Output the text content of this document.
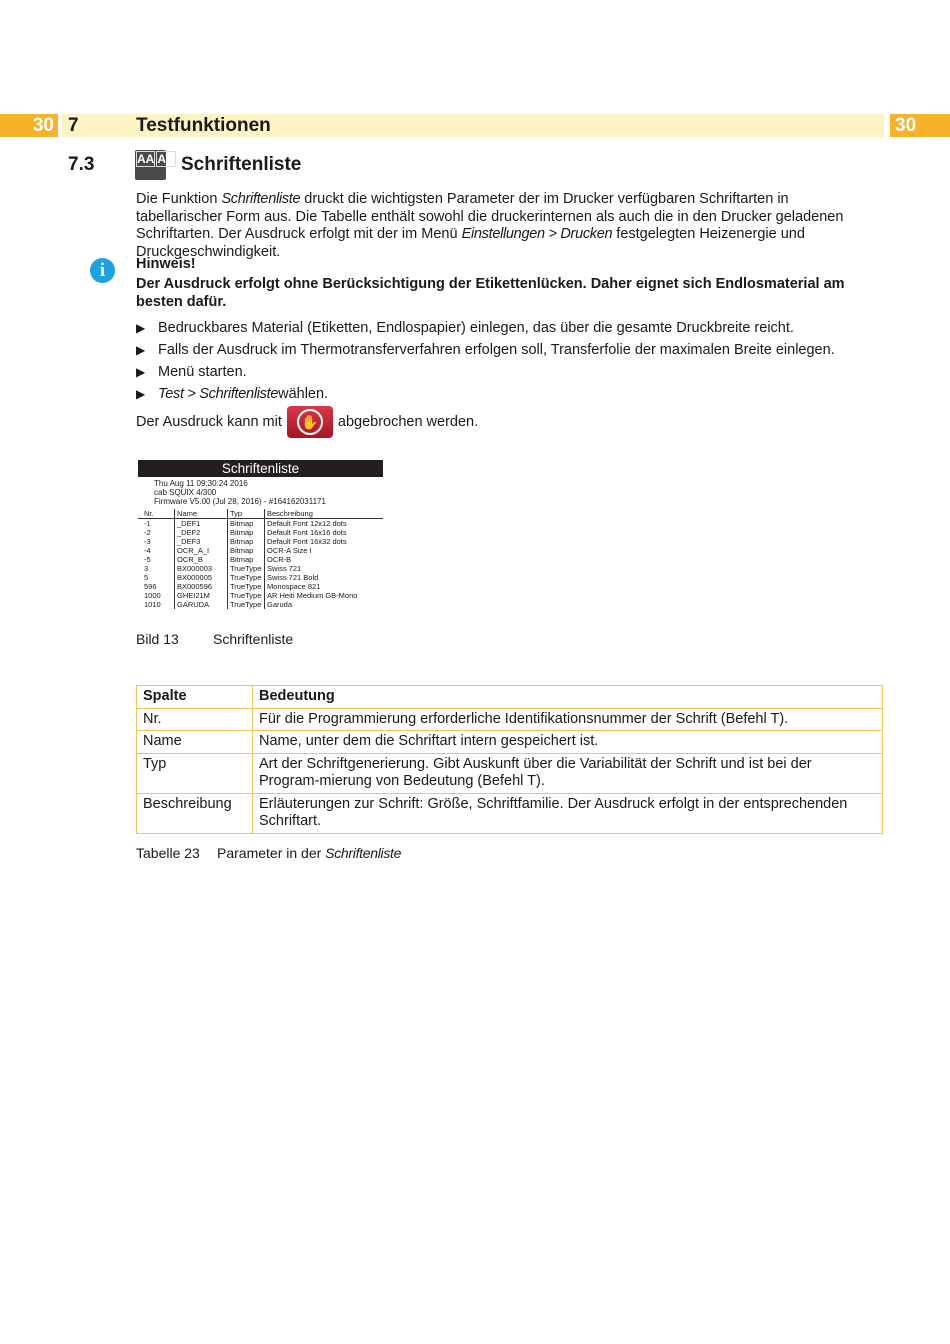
30	30
7	Testfunktionen
7.3	AA AA Schriftenliste
Die Funktion Schriftenliste druckt die wichtigsten Parameter der im Drucker verfügbaren Schriftarten in tabellarischer Form aus. Die Tabelle enthält sowohl die druckerinternen als auch die in den Drucker geladenen Schriftarten. Der Ausdruck erfolgt mit der im Menü Einstellungen > Drucken festgelegten Heizenergie und Druckgeschwindigkeit.
i	Hinweis!
Der Ausdruck erfolgt ohne Berücksichtigung der Etikettenlücken. Daher eignet sich Endlosmaterial am besten dafür.
▶ Bedruckbares Material (Etiketten, Endlospapier) einlegen, das über die gesamte Druckbreite reicht.
▶ Falls der Ausdruck im Thermotransferverfahren erfolgen soll, Transferfolie der maximalen Breite einlegen.
▶ Menü starten.
▶ Test > Schriftenliste wählen.
Der Ausdruck kann mit	✋ abgebrochen werden.
Schriftenliste
Thu Aug 11 09:30:24 2016
cab SQUIX 4/300
Firmware V5.00 (Jul 28, 2016) - #164162031171
Nr.	Name	Typ	Beschreibung
-1	_DEF1	Bitmap	Default Font 12x12 dots
-2	_DEF2	Bitmap	Default Font 16x16 dots
-3	_DEF3	Bitmap	Default Font 16x32 dots
-4	OCR_A_I	Bitmap	OCR-A Size I
-5	OCR_B	Bitmap	OCR-B
3	BX000003	TrueType	Swiss 721
5	BX000005	TrueType	Swiss 721 Bold
596	BX000596	TrueType	Monospace 821
1000	GHEI21M	TrueType	AR Heiti Medium GB-Mono
1010	GARUDA	TrueType	Garuda
Bild 13 Schriftenliste
Spalte	Bedeutung
Nr.	Für die Programmierung erforderliche Identifikationsnummer der Schrift (Befehl T).
Name	Name, unter dem die Schriftart intern gespeichert ist.
Typ	Art der Schriftgenerierung. Gibt Auskunft über die Variabilität der Schrift und ist bei der Program-mierung von Bedeutung (Befehl T).
Beschreibung	Erläuterungen zur Schrift: Größe, Schriftfamilie. Der Ausdruck erfolgt in der entsprechenden Schriftart.
Tabelle 23 Parameter in der Schriftenliste
